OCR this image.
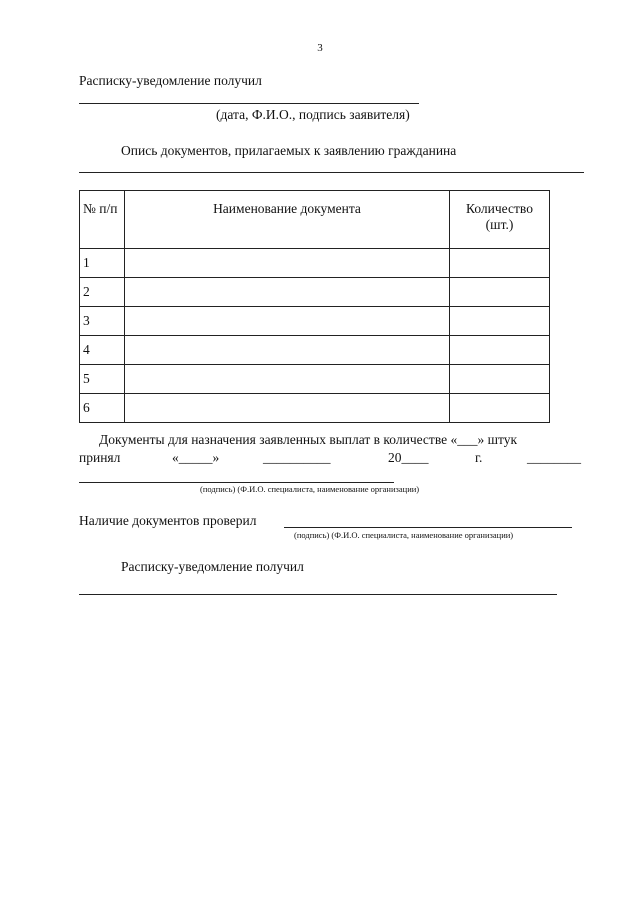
3
Расписку-уведомление получил
(дата, Ф.И.О., подпись заявителя)
Опись документов, прилагаемых к заявлению гражданина
№ п/п	Наименование документа	Количество (шт.)
1		
2		
3		
4		
5		
6		
Документы для назначения заявленных выплат в количестве «___» штук
принял	«_____»	__________	20____	г.	________
(подпись) (Ф.И.О. специалиста, наименование организации)
Наличие документов проверил
(подпись) (Ф.И.О. специалиста, наименование организации)
Расписку-уведомление получил
